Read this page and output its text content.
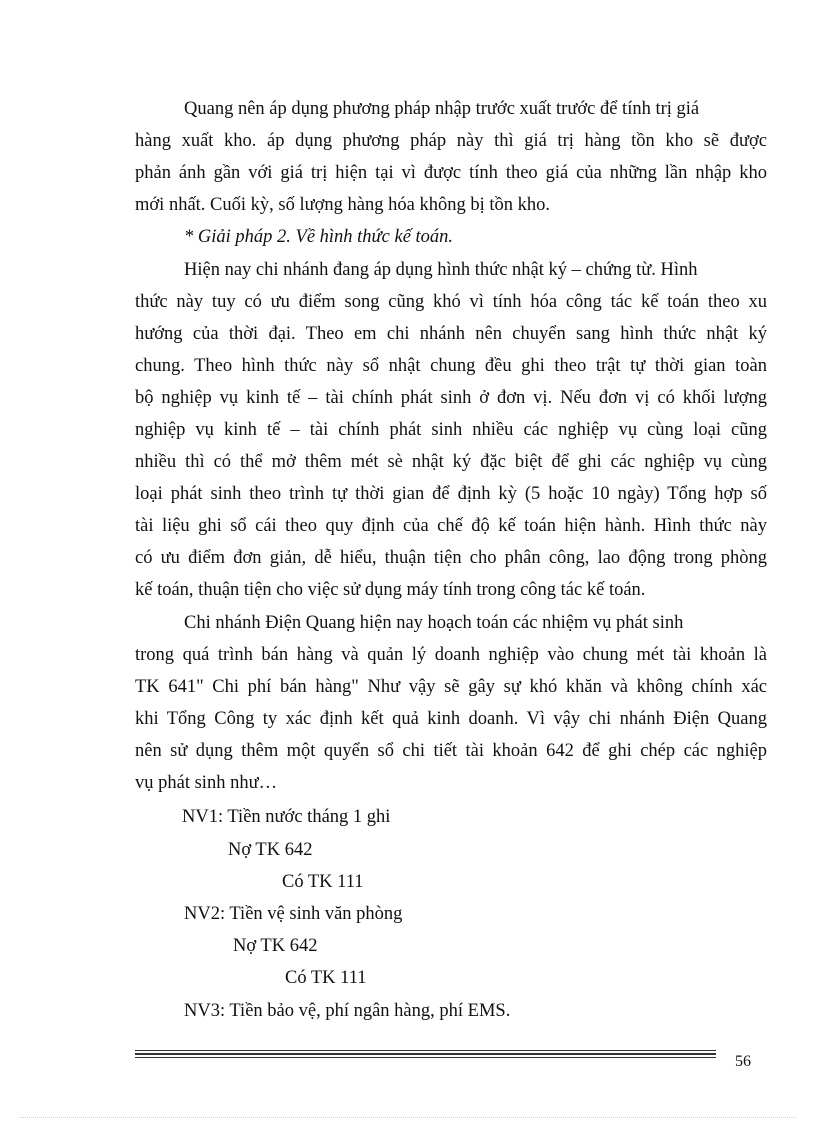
Quang nên áp dụng phương pháp nhập trước xuất trước để tính trị giá
hàng xuất kho. áp dụng phương pháp này thì giá trị hàng tồn kho sẽ được
phản ánh gần với giá trị hiện tại vì được tính theo giá của những lần nhập kho
mới nhất. Cuối kỳ, số lượng hàng hóa không bị tồn kho.
* Giải pháp 2. Về hình thức kế toán.
Hiện nay chi nhánh đang áp dụng hình thức nhật ký – chứng từ. Hình
thức này tuy có ưu điểm song cũng khó vì tính hóa công tác kế toán theo xu
hướng của thời đại. Theo em chi nhánh nên chuyển sang hình thức nhật ký
chung. Theo hình thức này sổ nhật chung đều ghi theo trật tự thời gian toàn
bộ nghiệp vụ kinh tế – tài chính phát sinh ở đơn vị. Nếu đơn vị có khối lượng
nghiệp vụ kinh tế – tài chính phát sinh nhiều các nghiệp vụ cùng loại cũng
nhiều thì có thể mở thêm mét sè nhật ký đặc biệt để ghi các nghiệp vụ cùng
loại phát sinh theo trình tự thời gian để định kỳ (5 hoặc 10 ngày) Tổng hợp số
tài liệu ghi sổ cái theo quy định của chế độ kế toán hiện hành. Hình thức này
có ưu điểm đơn giản, dễ hiểu, thuận tiện cho phân công, lao động trong phòng
kế toán, thuận tiện cho việc sử dụng máy tính trong công tác kế toán.
Chi nhánh Điện Quang hiện nay hoạch toán các nhiệm vụ phát sinh
trong quá trình bán hàng và quản lý doanh nghiệp vào chung mét tài khoản là
TK 641" Chi phí bán hàng" Như vậy sẽ gây sự khó khăn và không chính xác
khi Tổng Công ty xác định kết quả kinh doanh. Vì vậy chi nhánh Điện Quang
nên sử dụng thêm một quyển sổ chi tiết tài khoản 642 để ghi chép các nghiệp
vụ phát sinh như…
NV1: Tiền nước tháng 1 ghi
Nợ TK 642
Có TK 111
NV2: Tiền vệ sinh văn phòng
Nợ TK 642
Có TK 111
NV3: Tiền bảo vệ, phí ngân hàng, phí EMS.
56
